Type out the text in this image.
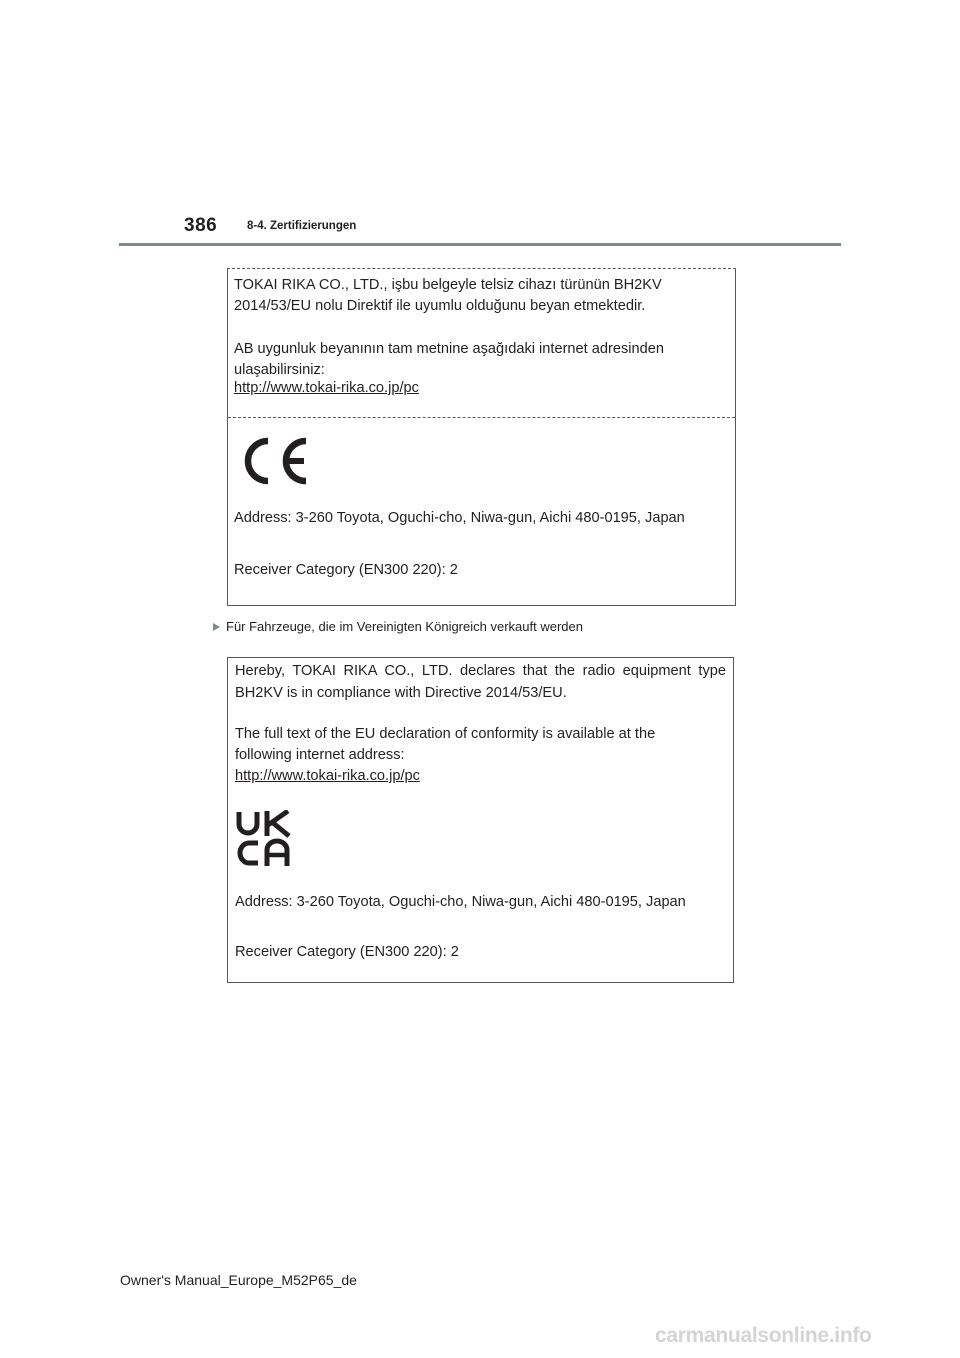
386	8-4. Zertifizierungen

TOKAI RIKA CO., LTD., işbu belgeyle telsiz cihazı türünün BH2KV

2014/53/EU nolu Direktif ile uyumlu olduğunu beyan etmektedir.

AB uygunluk beyanının tam metnine aşağıdaki internet adresinden

ulaşabilirsiniz:

http://www.tokai-rika.co.jp/pc

Address: 3-260 Toyota, Oguchi-cho, Niwa-gun, Aichi 480-0195, Japan

Receiver Category (EN300 220): 2

Für Fahrzeuge, die im Vereinigten Königreich verkauft werden

Hereby, TOKAI RIKA CO., LTD. declares that the radio equipment type

BH2KV is in compliance with Directive 2014/53/EU.

The full text of the EU declaration of conformity is available at the

following internet address:

http://www.tokai-rika.co.jp/pc

Address: 3-260 Toyota, Oguchi-cho, Niwa-gun, Aichi 480-0195, Japan

Receiver Category (EN300 220): 2

Owner's Manual_Europe_M52P65_de
carmanualsonline.info
